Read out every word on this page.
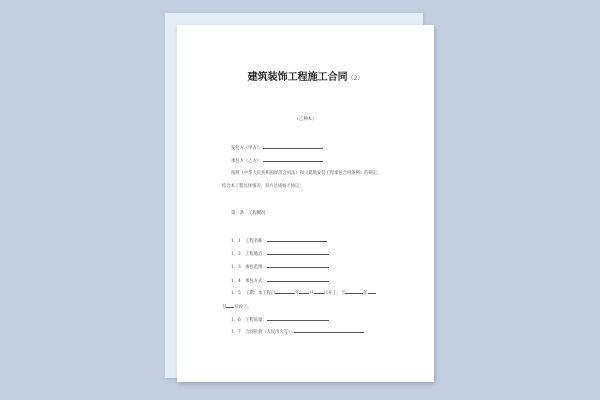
建筑装饰工程施工合同（2）
（乙种本）
发包方（甲方）：
承包方（乙方）：
按照《中华人民共和国经济合同法》和《建筑安装工程承包合同条例》的规定,
结合本工程具体情况，双方达成如下协议：
第一条　工程概况
1．1　工程名称：
1．2　工程地点：
1．3　承包范围：
1．4　承包方式：
1．5　工期：本工程自	年 月 日开工，于	年
月 日竣工。
1．6　工程质量：
1．7　合同价款（人民币大写）：
